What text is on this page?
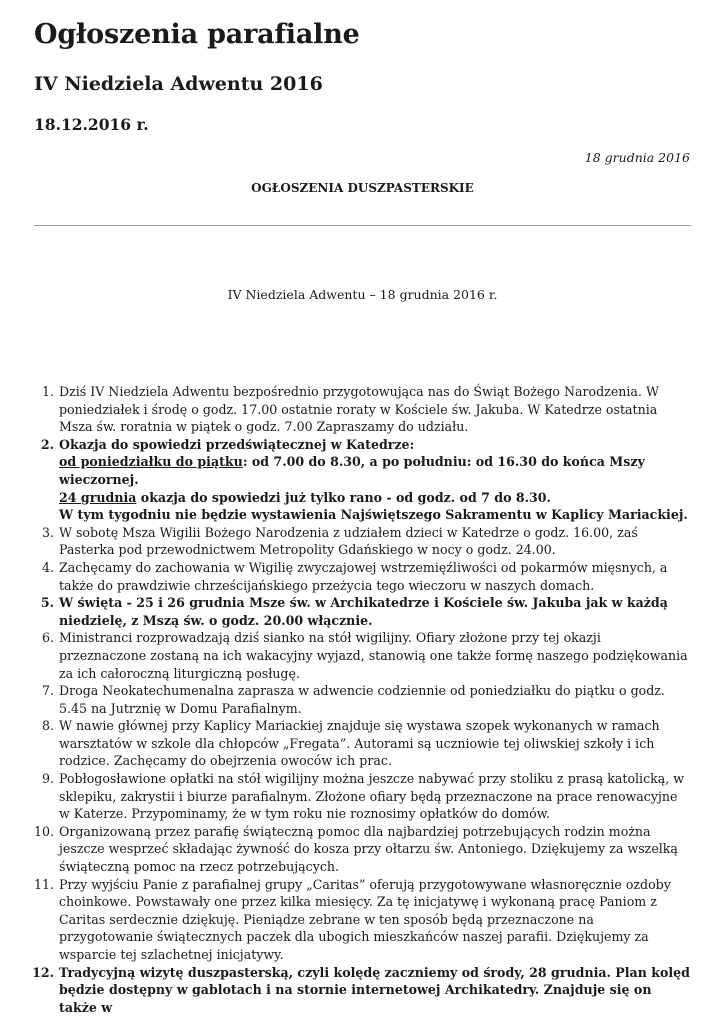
Ogłoszenia parafialne
IV Niedziela Adwentu 2016
18.12.2016 r.
18 grudnia 2016
OGŁOSZENIA DUSZPASTERSKIE
IV Niedziela Adwentu – 18 grudnia 2016 r.
1. Dziś IV Niedziela Adwentu bezpośrednio przygotowująca nas do Świąt Bożego Narodzenia. W poniedziałek i środę o godz. 17.00 ostatnie roraty w Kościele św. Jakuba. W Katedrze ostatnia Msza św. roratnia w piątek o godz. 7.00 Zapraszamy do udziału.
2. Okazja do spowiedzi przedświątecznej w Katedrze:
od poniedziałku do piątku: od 7.00 do 8.30, a po południu: od 16.30 do końca Mszy wieczornej.
24 grudnia okazja do spowiedzi już tylko rano - od godz. od 7 do 8.30.
W tym tygodniu nie będzie wystawienia Najświętszego Sakramentu w Kaplicy Mariackiej.
3. W sobotę Msza Wigilii Bożego Narodzenia z udziałem dzieci w Katedrze o godz. 16.00, zaś Pasterka pod przewodnictwem Metropolity Gdańskiego w nocy o godz. 24.00.
4. Zachęcamy do zachowania w Wigilię zwyczajowej wstrzemięźliwości od pokarmów mięsnych, a także do prawdziwie chrześcijańskiego przeżycia tego wieczoru w naszych domach.
5. W święta - 25 i 26 grudnia Msze św. w Archikatedrze i Kościele św. Jakuba jak w każdą niedzielę, z Mszą św. o godz. 20.00 włącznie.
6. Ministranci rozprowadzają dziś sianko na stół wigilijny. Ofiary złożone przy tej okazji przeznaczone zostaną na ich wakacyjny wyjazd, stanowią one także formę naszego podziękowania za ich całoroczną liturgiczną posługę.
7. Droga Neokatechumenalna zaprasza w adwencie codziennie od poniedziałku do piątku o godz. 5.45 na Jutrznię w Domu Parafialnym.
8. W nawie głównej przy Kaplicy Mariackiej znajduje się wystawa szopek wykonanych w ramach warsztatów w szkole dla chłopców „Fregata”. Autorami są uczniowie tej oliwskiej szkoły i ich rodzice. Zachęcamy do obejrzenia owoców ich prac.
9. Pobłogosławione opłatki na stół wigilijny można jeszcze nabywać przy stoliku z prasą katolicką, w sklepiku, zakrystii i biurze parafialnym. Złożone ofiary będą przeznaczone na prace renowacyjne w Katerze. Przypominamy, że w tym roku nie roznosimy opłatków do domów.
10. Organizowaną przez parafię świąteczną pomoc dla najbardziej potrzebujących rodzin można jeszcze wesprzeć składając żywność do kosza przy ołtarzu św. Antoniego. Dziękujemy za wszelką świąteczną pomoc na rzecz potrzebujących.
11. Przy wyjściu Panie z parafialnej grupy „Caritas” oferują przygotowywane własnoręcznie ozdoby choinkowe. Powstawały one przez kilka miesięcy. Za tę inicjatywę i wykonaną pracę Paniom z Caritas serdecznie dziękuję. Pieniądze zebrane w ten sposób będą przeznaczone na przygotowanie świątecznych paczek dla ubogich mieszkańców naszej parafii. Dziękujemy za wsparcie tej szlachetnej inicjatywy.
12. Tradycyjną wizytę duszpasterską, czyli kolędę zaczniemy od środy, 28 grudnia. Plan kolęd będzie dostępny w gablotach i na stornie internetowej Archikatedry. Znajduje się on także w
